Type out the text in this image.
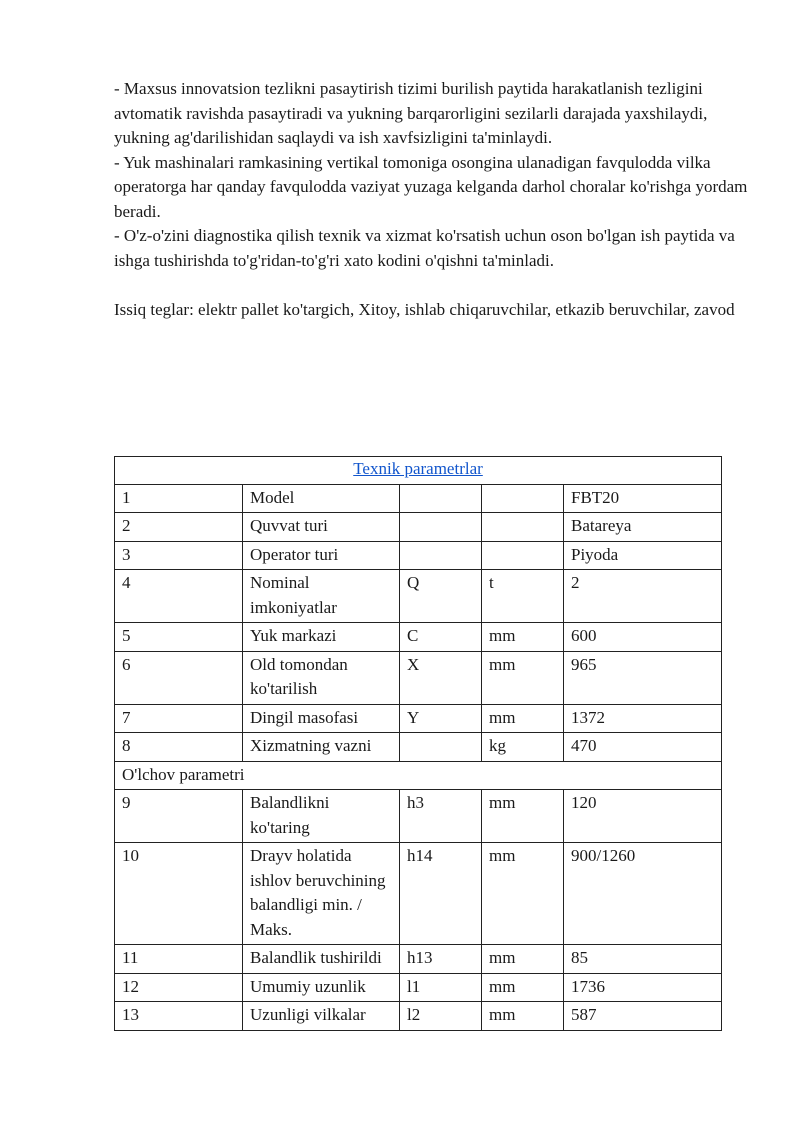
- Maxsus innovatsion tezlikni pasaytirish tizimi burilish paytida harakatlanish tezligini avtomatik ravishda pasaytiradi va yukning barqarorligini sezilarli darajada yaxshilaydi, yukning ag'darilishidan saqlaydi va ish xavfsizligini ta'minlaydi.

- Yuk mashinalari ramkasining vertikal tomoniga osongina ulanadigan favqulodda vilka operatorga har qanday favqulodda vaziyat yuzaga kelganda darhol choralar ko'rishga yordam beradi.

- O'z-o'zini diagnostika qilish texnik va xizmat ko'rsatish uchun oson bo'lgan ish paytida va ishga tushirishda to'g'ridan-to'g'ri xato kodini o'qishni ta'minladi.

Issiq teglar: elektr pallet ko'targich, Xitoy, ishlab chiqaruvchilar, etkazib beruvchilar, zavod

Texnik parametrlar				
1	Model			FBT20
2	Quvvat turi			Batareya
3	Operator turi			Piyoda
4	Nominal imkoniyatlar	Q	t	2
5	Yuk markazi	C	mm	600
6	Old tomondan ko'tarilish	X	mm	965
7	Dingil masofasi	Y	mm	1372
8	Xizmatning vazni		kg	470
O'lchov parametri				
9	Balandlikni ko'taring	h3	mm	120
10	Drayv holatida ishlov beruvchining balandligi min. / Maks.	h14	mm	900/1260
11	Balandlik tushirildi	h13	mm	85
12	Umumiy uzunlik	l1	mm	1736
13	Uzunligi vilkalar	l2	mm	587
